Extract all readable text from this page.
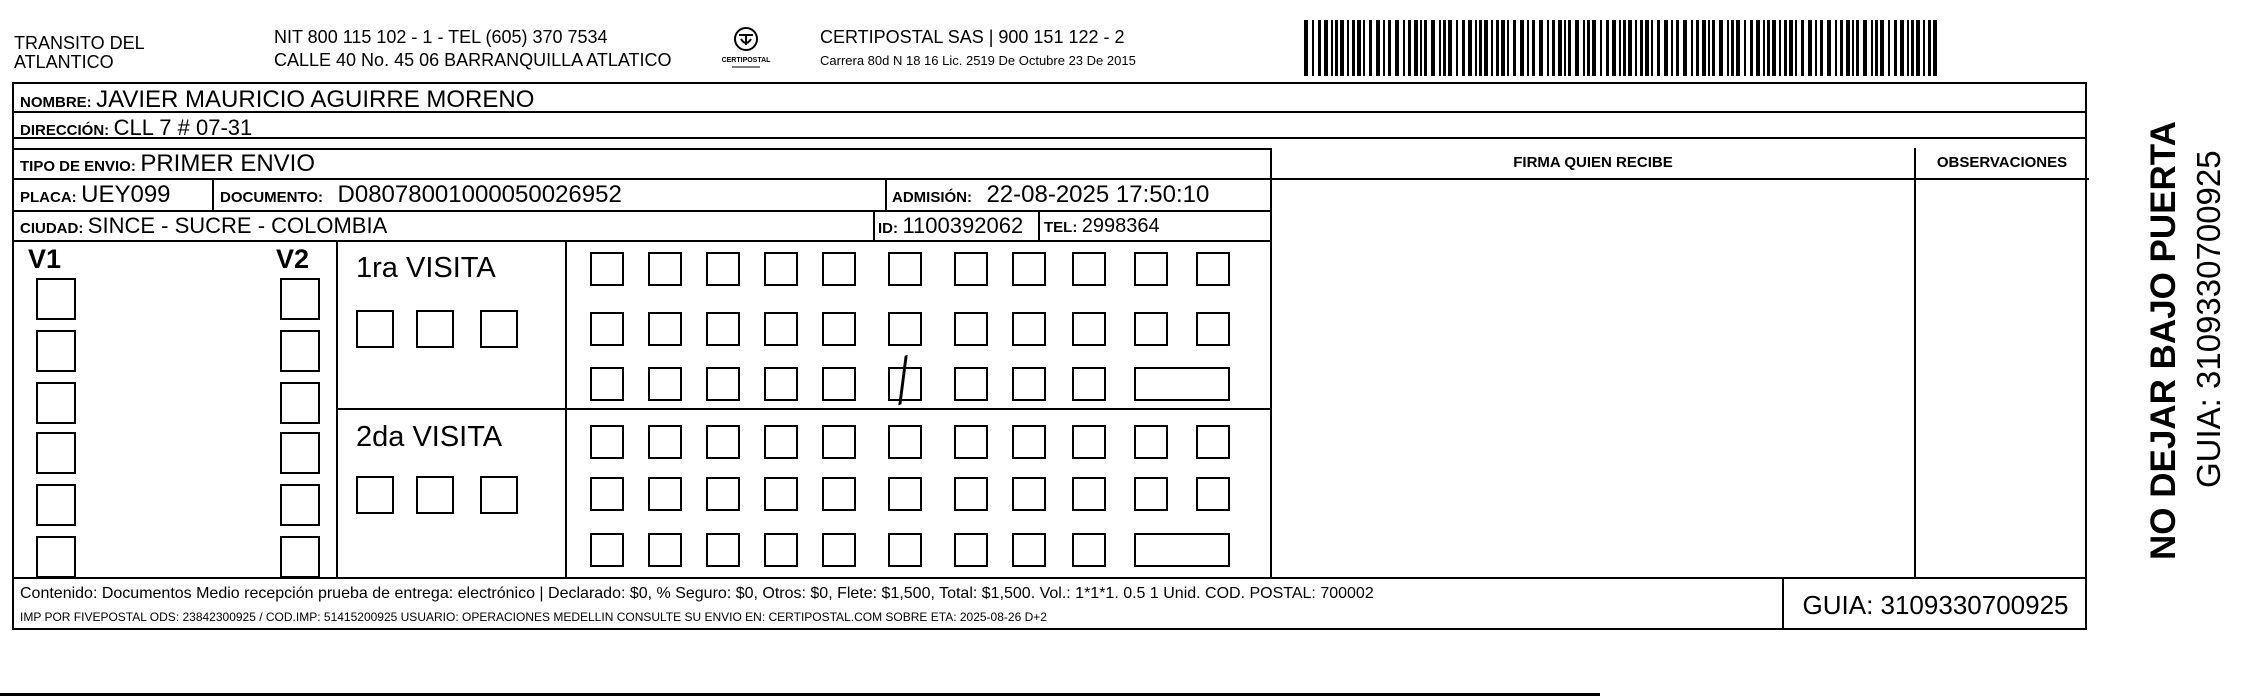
TRANSITO DEL
ATLANTICO
NIT 800 115 102 - 1 - TEL (605) 370 7534
CALLE 40 No. 45 06 BARRANQUILLA ATLATICO	CERTIPOSTAL
CERTIPOSTAL SAS | 900 151 122 - 2
Carrera 80d N 18 16 Lic. 2519 De Octubre 23 De 2015
NOMBRE: JAVIER MAURICIO AGUIRRE MORENO
DIRECCIÓN: CLL 7 # 07-31
TIPO DE ENVIO: PRIMER ENVIO
PLACA: UEY099	DOCUMENTO: D08078001000050026952	ADMISIÓN: 22-08-2025 17:50:10
CIUDAD: SINCE - SUCRE - COLOMBIA	ID: 1100392062 TEL: 2998364
FIRMA QUIEN RECIBE	OBSERVACIONES
V1	V2 1ra VISITA
2da VISITA
╱
Contenido: Documentos Medio recepción prueba de entrega: electrónico | Declarado: $0, % Seguro: $0, Otros: $0, Flete: $1,500, Total: $1,500. Vol.: 1*1*1. 0.5 1 Unid. COD. POSTAL: 700002
IMP POR FIVEPOSTAL ODS: 23842300925 / COD.IMP: 51415200925 USUARIO: OPERACIONES MEDELLIN CONSULTE SU ENVIO EN: CERTIPOSTAL.COM SOBRE ETA: 2025-08-26 D+2	GUIA: 3109330700925
NO DEJAR BAJO PUERTA GUIA: 3109330700925
